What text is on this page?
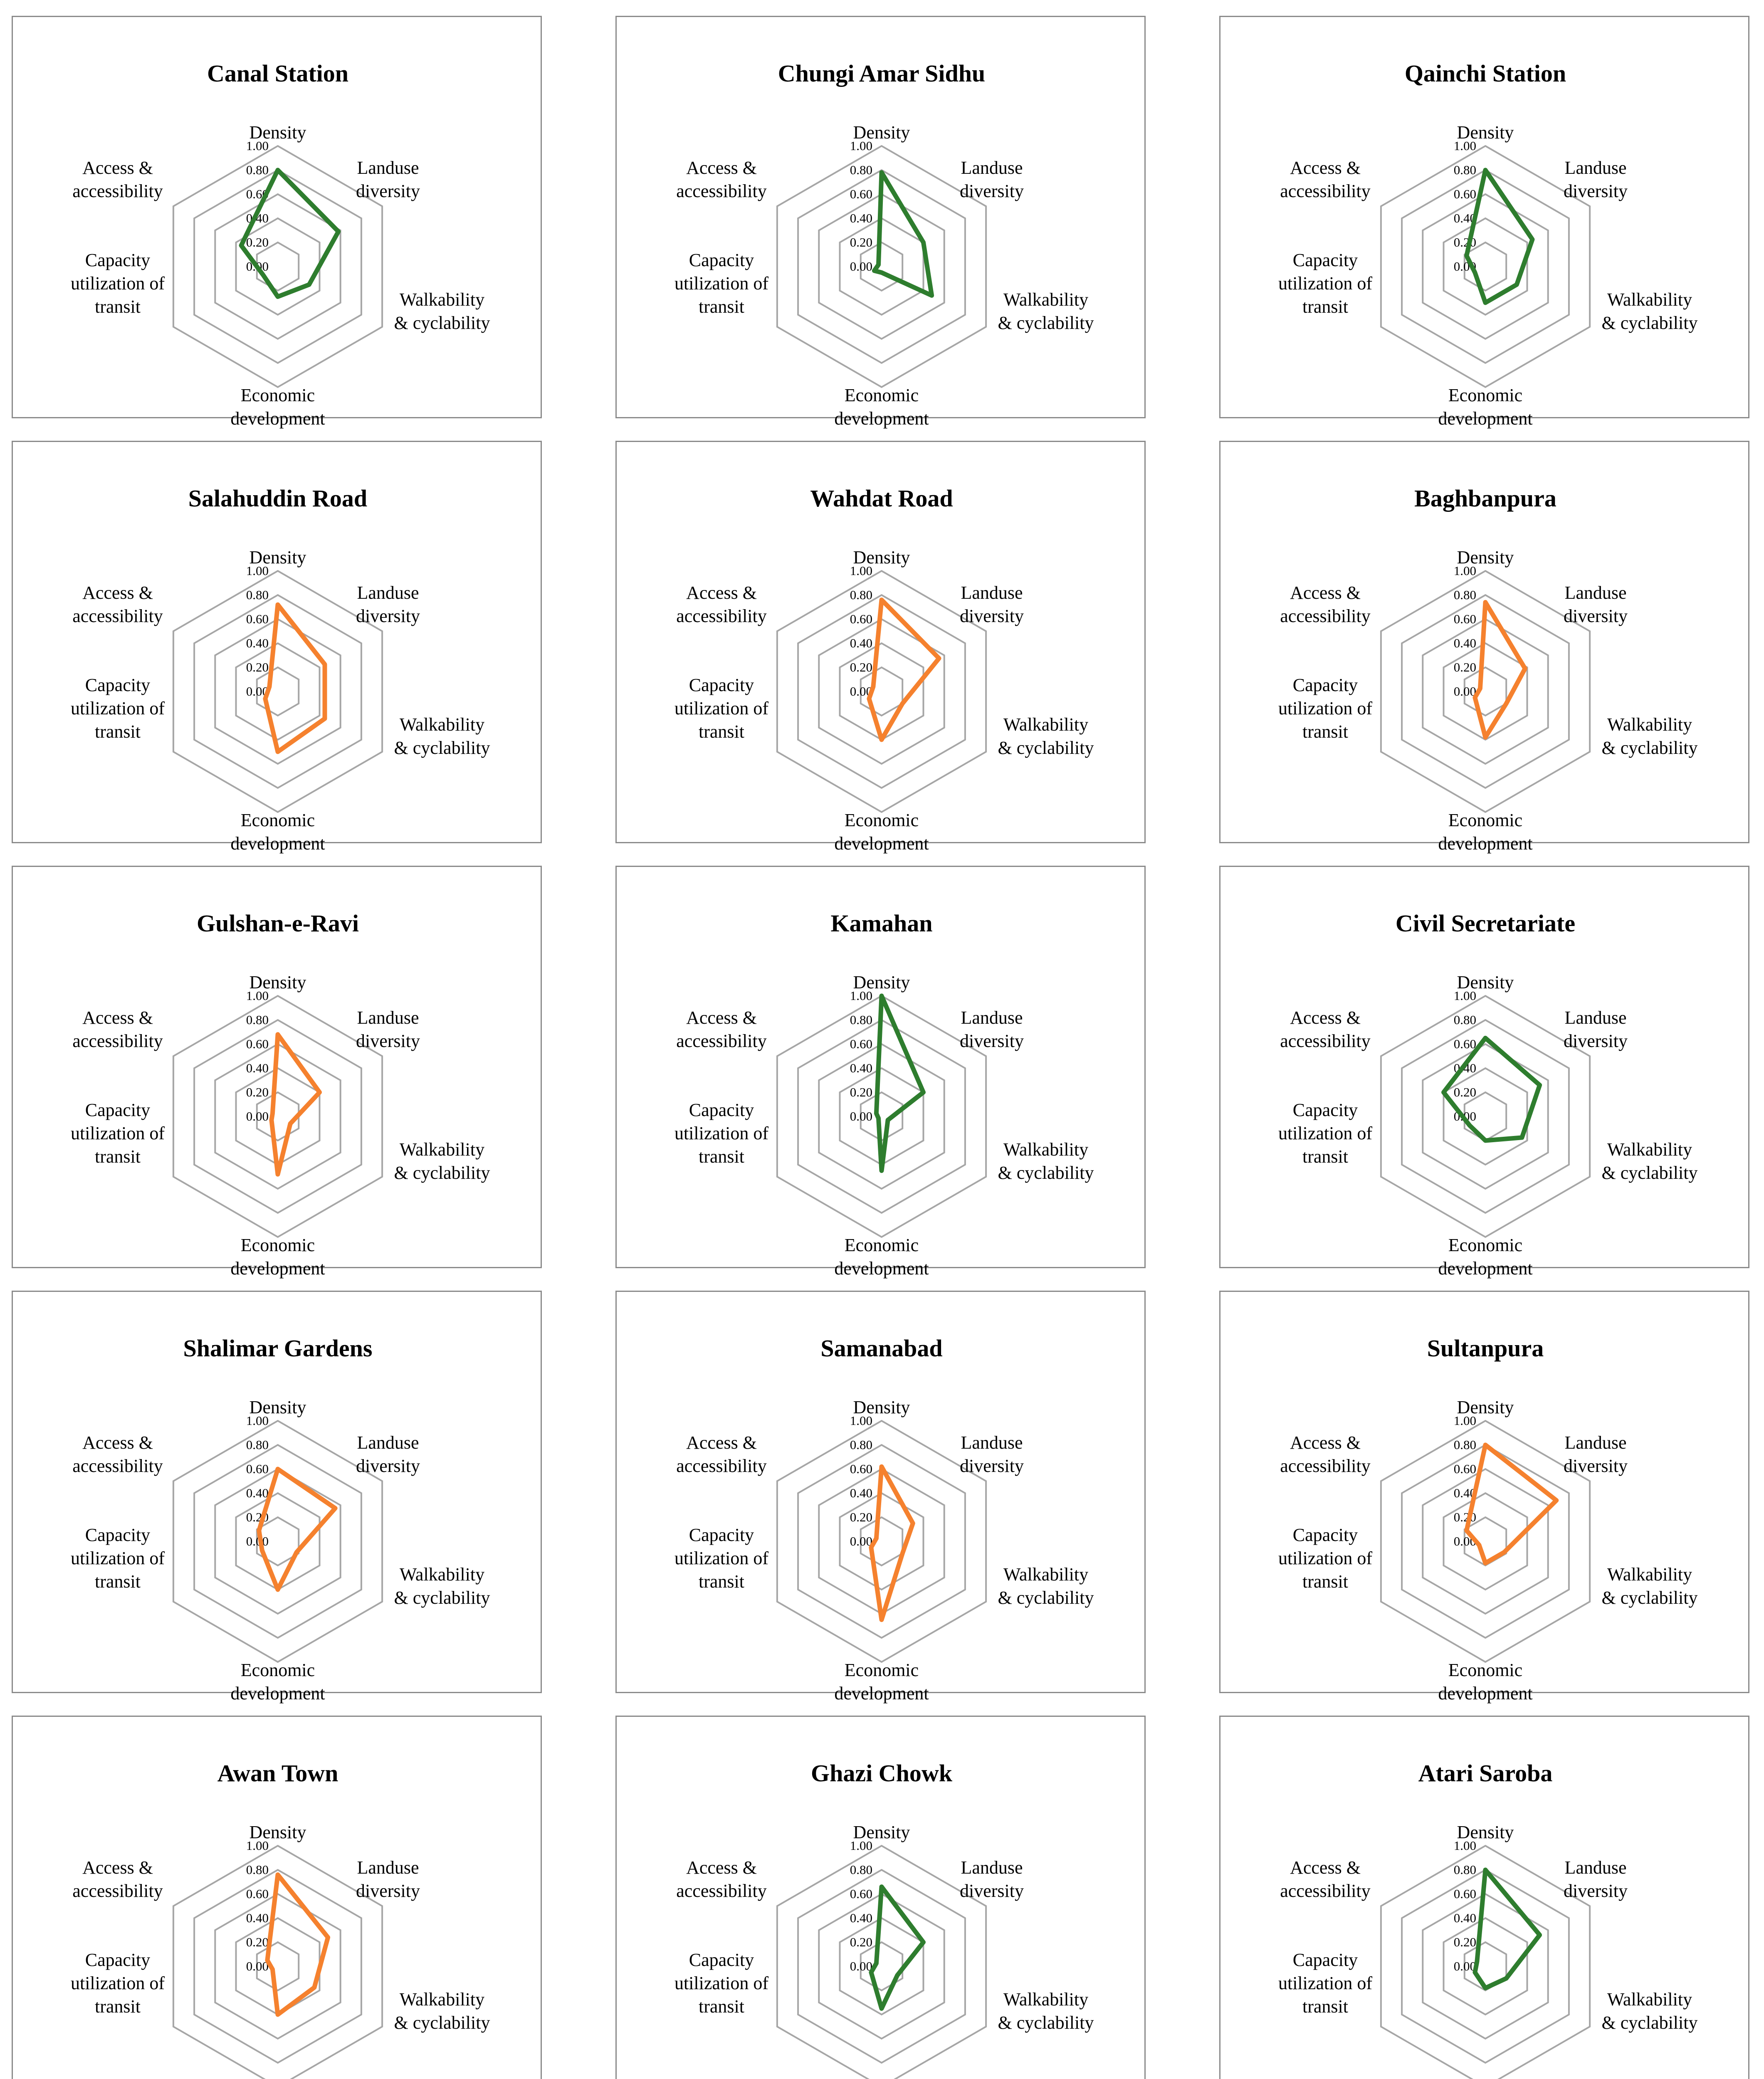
Canal Station
0.00
0.20
0.40
0.60
0.80
1.00
Density
Landuse diversity
Walkability & cyclability
Economic development
Capacity utilization of transit
Access & accessibility
Chungi Amar Sidhu
0.00
0.20
0.40
0.60
0.80
1.00
Density
Landuse diversity
Walkability & cyclability
Economic development
Capacity utilization of transit
Access & accessibility
Qainchi Station
0.00
0.20
0.40
0.60
0.80
1.00
Density
Landuse diversity
Walkability & cyclability
Economic development
Capacity utilization of transit
Access & accessibility
Salahuddin Road
0.00
0.20
0.40
0.60
0.80
1.00
Density
Landuse diversity
Walkability & cyclability
Economic development
Capacity utilization of transit
Access & accessibility
Wahdat Road
0.00
0.20
0.40
0.60
0.80
1.00
Density
Landuse diversity
Walkability & cyclability
Economic development
Capacity utilization of transit
Access & accessibility
Baghbanpura
0.00
0.20
0.40
0.60
0.80
1.00
Density
Landuse diversity
Walkability & cyclability
Economic development
Capacity utilization of transit
Access & accessibility
Gulshan-e-Ravi
0.00
0.20
0.40
0.60
0.80
1.00
Density
Landuse diversity
Walkability & cyclability
Economic development
Capacity utilization of transit
Access & accessibility
Kamahan
0.00
0.20
0.40
0.60
0.80
1.00
Density
Landuse diversity
Walkability & cyclability
Economic development
Capacity utilization of transit
Access & accessibility
Civil Secretariate
0.00
0.20
0.40
0.60
0.80
1.00
Density
Landuse diversity
Walkability & cyclability
Economic development
Capacity utilization of transit
Access & accessibility
Shalimar Gardens
0.00
0.20
0.40
0.60
0.80
1.00
Density
Landuse diversity
Walkability & cyclability
Economic development
Capacity utilization of transit
Access & accessibility
Samanabad
0.00
0.20
0.40
0.60
0.80
1.00
Density
Landuse diversity
Walkability & cyclability
Economic development
Capacity utilization of transit
Access & accessibility
Sultanpura
0.00
0.20
0.40
0.60
0.80
1.00
Density
Landuse diversity
Walkability & cyclability
Economic development
Capacity utilization of transit
Access & accessibility
Awan Town
0.00
0.20
0.40
0.60
0.80
1.00
Density
Landuse diversity
Walkability & cyclability
Capacity utilization of transit
Access & accessibility
Ghazi Chowk
0.00
0.20
0.40
0.60
0.80
1.00
Density
Landuse diversity
Walkability & cyclability
Capacity utilization of transit
Access & accessibility
Atari Saroba
0.00
0.20
0.40
0.60
0.80
1.00
Density
Landuse diversity
Walkability & cyclability
Capacity utilization of transit
Access & accessibility
